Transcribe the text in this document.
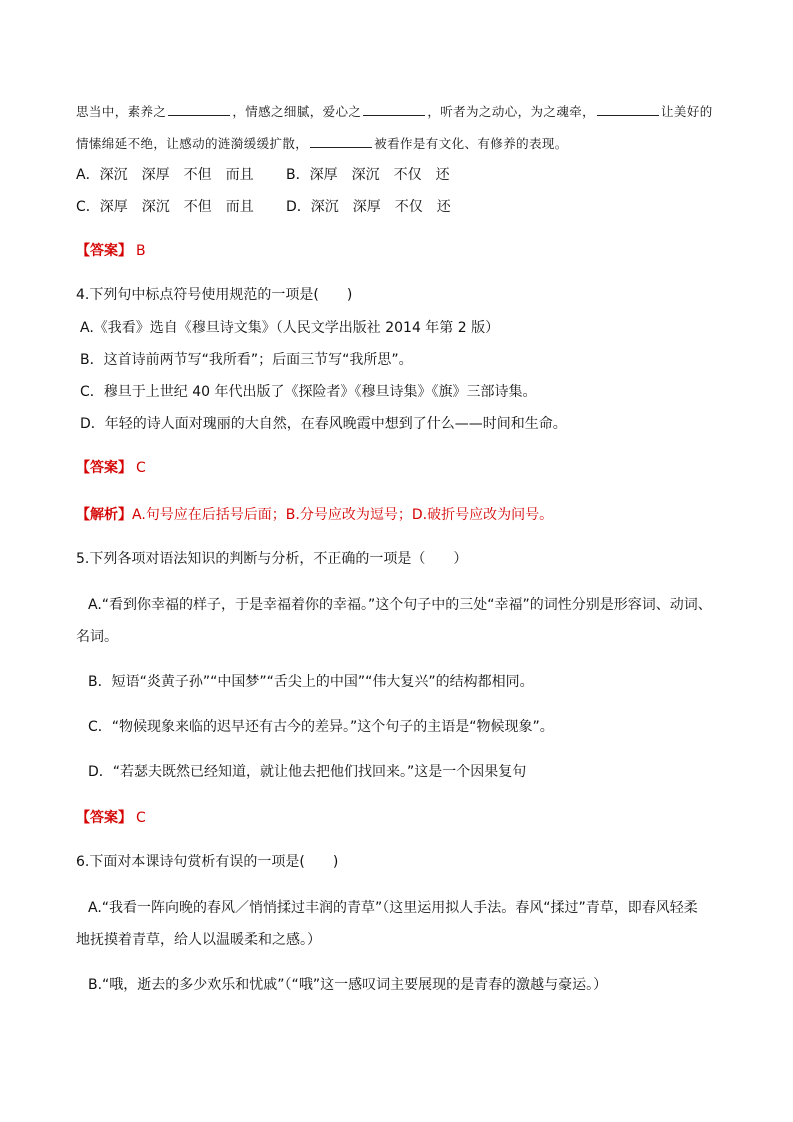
思当中，素养之	，情感之细腻，爱心之	，听者为之动心，为之魂牵，	让美好的
情愫绵延不绝，让感动的涟漪缓缓扩散，	被看作是有文化、有修养的表现。
A．深沉　深厚　不但　而且 B．深厚　深沉　不仅　还
C．深厚　深沉　不但　而且 D．深沉　深厚　不仅　还
【答案】 B
4.下列句中标点符号使用规范的一项是(　　)
A.《我看》选自《穆旦诗文集》（人民文学出版社 2014 年第 2 版）
B．这首诗前两节写“我所看”；后面三节写“我所思”。
C．穆旦于上世纪 40 年代出版了《探险者》《穆旦诗集》《旗》三部诗集。
D．年轻的诗人面对瑰丽的大自然，在春风晚霞中想到了什么——时间和生命。
【答案】 C
【解析】A.句号应在后括号后面；B.分号应改为逗号；D.破折号应改为问号。
5.下列各项对语法知识的判断与分析，不正确的一项是（　　）
A.“看到你幸福的样子，于是幸福着你的幸福。”这个句子中的三处“幸福”的词性分别是形容词、动词、
名词。
B．短语“炎黄子孙”“中国梦”“舌尖上的中国”“伟大复兴”的结构都相同。
C．“物候现象来临的迟早还有古今的差异。”这个句子的主语是“物候现象”。
D．“若瑟夫既然已经知道，就让他去把他们找回来。”这是一个因果复句
【答案】 C
6.下面对本课诗句赏析有误的一项是(　　)
A.“我看一阵向晚的春风／悄悄揉过丰润的青草”（这里运用拟人手法。春风“揉过”青草，即春风轻柔
地抚摸着青草，给人以温暖柔和之感。）
B.“哦，逝去的多少欢乐和忧戚”（“哦”这一感叹词主要展现的是青春的激越与豪运。）
